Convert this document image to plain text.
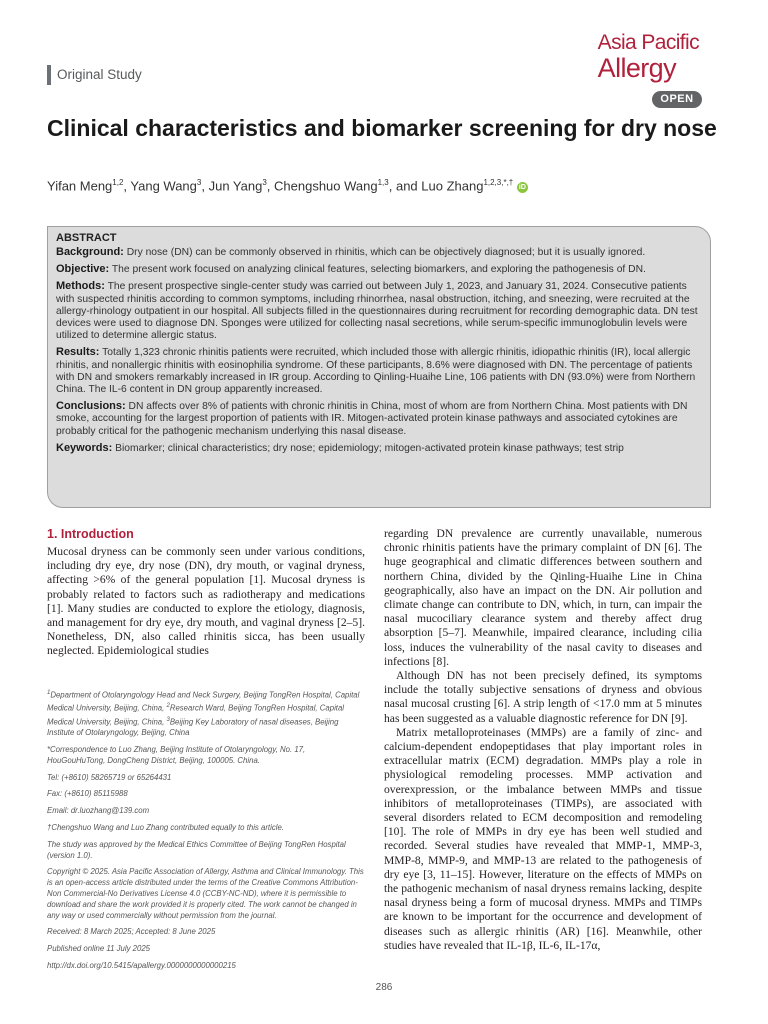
Original Study
Asia Pacific
Allergy
OPEN
Clinical characteristics and biomarker screening for dry nose
Yifan Meng$^{1,2}$, Yang Wang$^3$, Jun Yang$^3$, Chengshuo Wang$^{1,3}$, and Luo Zhang$^{1,2,3,*,\dagger}$ iD
ABSTRACT

Background: Dry nose (DN) can be commonly observed in rhinitis, which can be objectively diagnosed; but it is usually ignored.

Objective: The present work focused on analyzing clinical features, selecting biomarkers, and exploring the pathogenesis of DN.

Methods: The present prospective single-center study was carried out between July 1, 2023, and January 31, 2024. Consecutive patients with suspected rhinitis according to common symptoms, including rhinorrhea, nasal obstruction, itching, and sneezing, were recruited at the allergy-rhinology outpatient in our hospital. All subjects filled in the questionnaires during recruitment for recording demographic data. DN test devices were used to diagnose DN. Sponges were utilized for collecting nasal secretions, while serum-specific immunoglobulin levels were utilized to determine allergic status.

Results: Totally 1,323 chronic rhinitis patients were recruited, which included those with allergic rhinitis, idiopathic rhinitis (IR), local allergic rhinitis, and nonallergic rhinitis with eosinophilia syndrome. Of these participants, 8.6% were diagnosed with DN. The percentage of patients with DN and smokers remarkably increased in IR group. According to Qinling-Huaihe Line, 106 patients with DN (93.0%) were from Northern China. The IL-6 content in DN group apparently increased.

Conclusions: DN affects over 8% of patients with chronic rhinitis in China, most of whom are from Northern China. Most patients with DN smoke, accounting for the largest proportion of patients with IR. Mitogen-activated protein kinase pathways and associated cytokines are probably critical for the pathogenic mechanism underlying this nasal disease.

Keywords: Biomarker; clinical characteristics; dry nose; epidemiology; mitogen-activated protein kinase pathways; test strip

1. Introduction

Mucosal dryness can be commonly seen under various conditions, including dry eye, dry nose (DN), dry mouth, or vaginal dryness, affecting >6% of the general population [1]. Mucosal dryness is probably related to factors such as radiotherapy and medications [1]. Many studies are conducted to explore the etiology, diagnosis, and management for dry eye, dry mouth, and vaginal dryness [2–5]. Nonetheless, DN, also called rhinitis sicca, has been usually neglected. Epidemiological studies

$^1$Department of Otolaryngology Head and Neck Surgery, Beijing TongRen Hospital, Capital Medical University, Beijing, China, $^2$Research Ward, Beijing TongRen Hospital, Capital Medical University, Beijing, China, $^3$Beijing Key Laboratory of nasal diseases, Beijing Institute of Otolaryngology, Beijing, China

*Correspondence to Luo Zhang, Beijing Institute of Otolaryngology, No. 17, HouGouHuTong, DongCheng District, Beijing, 100005. China.

Tel: (+8610) 58265719 or 65264431

Fax: (+8610) 85115988

Email: dr.luozhang@139.com

†Chengshuo Wang and Luo Zhang contributed equally to this article.

The study was approved by the Medical Ethics Committee of Beijing TongRen Hospital (version 1.0).

Copyright © 2025. Asia Pacific Association of Allergy, Asthma and Clinical Immunology. This is an open-access article distributed under the terms of the Creative Commons Attribution-Non Commercial-No Derivatives License 4.0 (CCBY-NC-ND), where it is permissible to download and share the work provided it is properly cited. The work cannot be changed in any way or used commercially without permission from the journal.

Received: 8 March 2025; Accepted: 8 June 2025

Published online 11 July 2025

http://dx.doi.org/10.5415/apallergy.0000000000000215

regarding DN prevalence are currently unavailable, numerous chronic rhinitis patients have the primary complaint of DN [6]. The huge geographical and climatic differences between southern and northern China, divided by the Qinling-Huaihe Line in China geographically, also have an impact on the DN. Air pollution and climate change can contribute to DN, which, in turn, can impair the nasal mucociliary clearance system and thereby affect drug absorption [5–7]. Meanwhile, impaired clearance, including cilia loss, induces the vulnerability of the nasal cavity to diseases and infections [8].

Although DN has not been precisely defined, its symptoms include the totally subjective sensations of dryness and obvious nasal mucosal crusting [6]. A strip length of <17.0 mm at 5 minutes has been suggested as a valuable diagnostic reference for DN [9].

Matrix metalloproteinases (MMPs) are a family of zinc- and calcium-dependent endopeptidases that play important roles in extracellular matrix (ECM) degradation. MMPs play a role in physiological remodeling processes. MMP activation and overexpression, or the imbalance between MMPs and tissue inhibitors of metalloproteinases (TIMPs), are associated with several disorders related to ECM decomposition and remodeling [10]. The role of MMPs in dry eye has been well studied and recorded. Several studies have revealed that MMP-1, MMP-3, MMP-8, MMP-9, and MMP-13 are related to the pathogenesis of dry eye [3, 11–15]. However, literature on the effects of MMPs on the pathogenic mechanism of nasal dryness remains lacking, despite nasal dryness being a form of mucosal dryness. MMPs and TIMPs are known to be important for the occurrence and development of diseases such as allergic rhinitis (AR) [16]. Meanwhile, other studies have revealed that IL-1β, IL-6, IL-17α,

286
